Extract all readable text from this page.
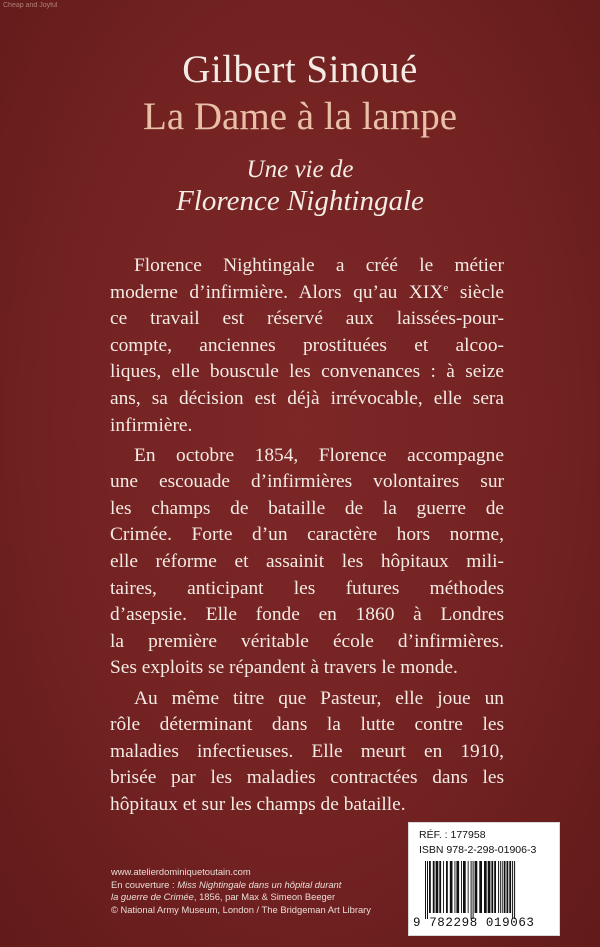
Cheap and Joyful
Gilbert Sinoué
La Dame à la lampe
Une vie de
Florence Nightingale

Florence Nightingale a créé le métier
moderne d’infirmière. Alors qu’au XIXe siècle
ce travail est réservé aux laissées-pour-
compte, anciennes prostituées et alcoo-
liques, elle bouscule les convenances : à seize
ans, sa décision est déjà irrévocable, elle sera
infirmière.

En octobre 1854, Florence accompagne
une escouade d’infirmières volontaires sur
les champs de bataille de la guerre de
Crimée. Forte d’un caractère hors norme,
elle réforme et assainit les hôpitaux mili-
taires, anticipant les futures méthodes
d’asepsie. Elle fonde en 1860 à Londres
la première véritable école d’infirmières.
Ses exploits se répandent à travers le monde.

Au même titre que Pasteur, elle joue un
rôle déterminant dans la lutte contre les
maladies infectieuses. Elle meurt en 1910,
brisée par les maladies contractées dans les
hôpitaux et sur les champs de bataille.

www.atelierdominiquetoutain.com
En couverture : Miss Nightingale dans un hôpital durant
la guerre de Crimée, 1856, par Max & Simeon Beeger
© National Army Museum, London / The Bridgeman Art Library
RÉF. : 177958
ISBN 978-2-298-01906-3
9 782298 019063
